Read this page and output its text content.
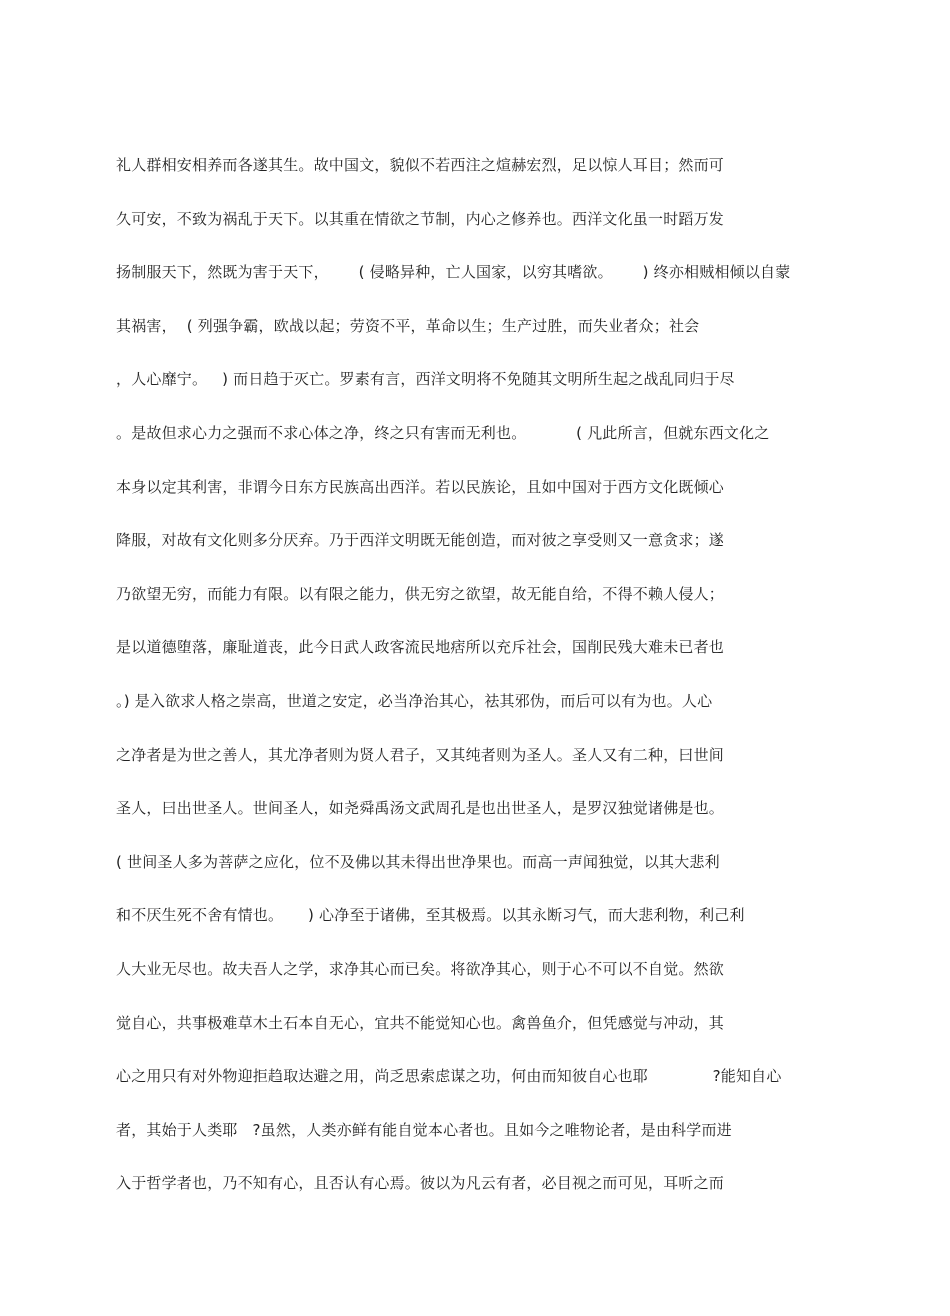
礼人群相安相养而各遂其生。故中国文，貌似不若西注之煊赫宏烈，足以惊人耳目；然而可
久可安，不致为祸乱于天下。以其重在情欲之节制，内心之修养也。西洋文化虽一时蹈万发
扬制服天下，然既为害于天下，      ( 侵略异种，亡人国家，以穷其嗜欲。      ) 终亦相贼相倾以自蒙
其祸害，  ( 列强争霸，欧战以起；劳资不平，革命以生；生产过胜，而失业者众；社会
，人心靡宁。   ) 而日趋于灭亡。罗素有言，西洋文明将不免随其文明所生起之战乱同归于尽
。是故但求心力之强而不求心体之净，终之只有害而无利也。          ( 凡此所言，但就东西文化之
本身以定其利害，非谓今日东方民族高出西洋。若以民族论，且如中国对于西方文化既倾心
降服，对故有文化则多分厌弃。乃于西洋文明既无能创造，而对彼之享受则又一意贪求；遂
乃欲望无穷，而能力有限。以有限之能力，供无穷之欲望，故无能自给，不得不赖人侵人；
是以道德堕落，廉耻道丧，此今日武人政客流民地痞所以充斥社会，国削民残大难未已者也
。) 是入欲求人格之崇高，世道之安定，必当净治其心，祛其邪伪，而后可以有为也。人心
之净者是为世之善人，其尤净者则为贤人君子，又其纯者则为圣人。圣人又有二种，曰世间
圣人，曰出世圣人。世间圣人，如尧舜禹汤文武周孔是也出世圣人，是罗汉独觉诸佛是也。
( 世间圣人多为菩萨之应化，位不及佛以其未得出世净果也。而高一声闻独觉，以其大悲利
和不厌生死不舍有情也。     ) 心净至于诸佛，至其极焉。以其永断习气，而大悲利物，利己利
人大业无尽也。故夫吾人之学，求净其心而已矣。将欲净其心，则于心不可以不自觉。然欲
觉自心，共事极难草木土石本自无心，宜共不能觉知心也。禽兽鱼介，但凭感觉与冲动，其
心之用只有对外物迎拒趋取达避之用，尚乏思索虑谋之功，何由而知彼自心也耶             ?能知自心
者，其始于人类耶   ?虽然，人类亦鲜有能自觉本心者也。且如今之唯物论者，是由科学而进
入于哲学者也，乃不知有心，且否认有心焉。彼以为凡云有者，必目视之而可见，耳听之而
